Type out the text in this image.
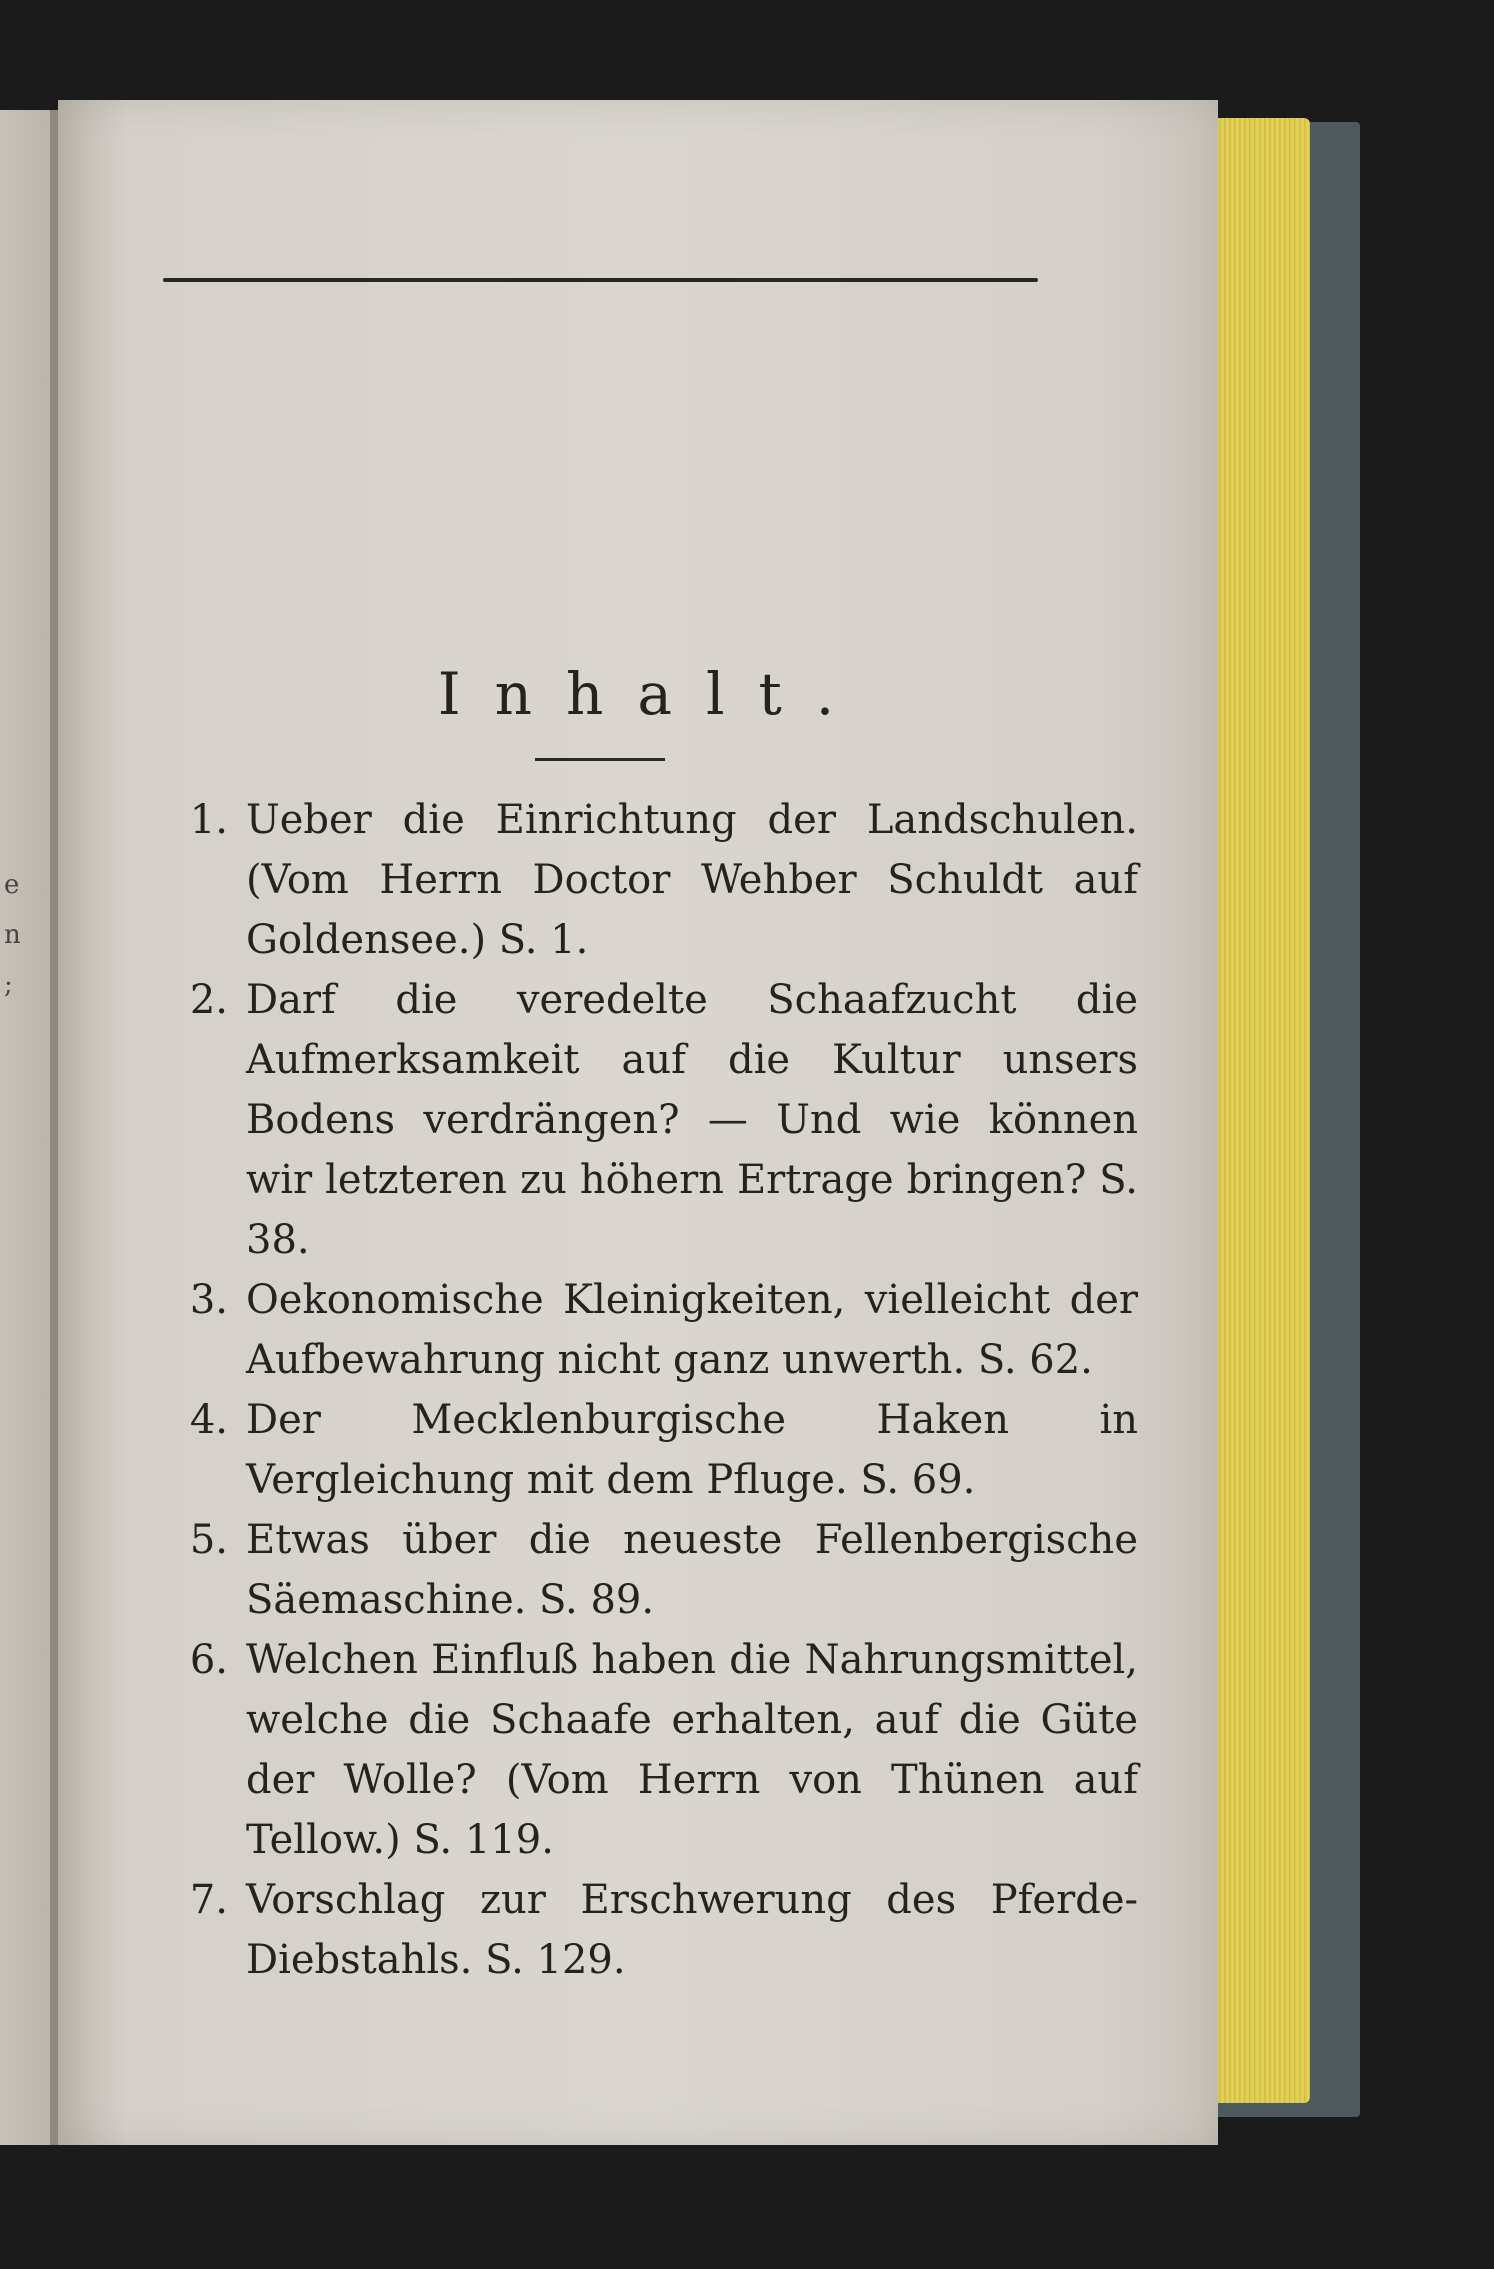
e
n
;
Inhalt.

1. Ueber die Einrichtung der Landschulen. (Vom Herrn Doctor Wehber Schuldt auf Goldensee.) S. 1.

2. Darf die veredelte Schaafzucht die Aufmerksamkeit auf die Kultur unsers Bodens verdrängen? — Und wie können wir letzteren zu höhern Ertrage bringen? S. 38.

3. Oekonomische Kleinigkeiten, vielleicht der Aufbewahrung nicht ganz unwerth. S. 62.

4. Der Mecklenburgische Haken in Vergleichung mit dem Pfluge. S. 69.

5. Etwas über die neueste Fellenbergische Säemaschine. S. 89.

6. Welchen Einfluß haben die Nahrungsmittel, welche die Schaafe erhalten, auf die Güte der Wolle? (Vom Herrn von Thünen auf Tellow.) S. 119.

7. Vorschlag zur Erschwerung des Pferde-Diebstahls. S. 129.
